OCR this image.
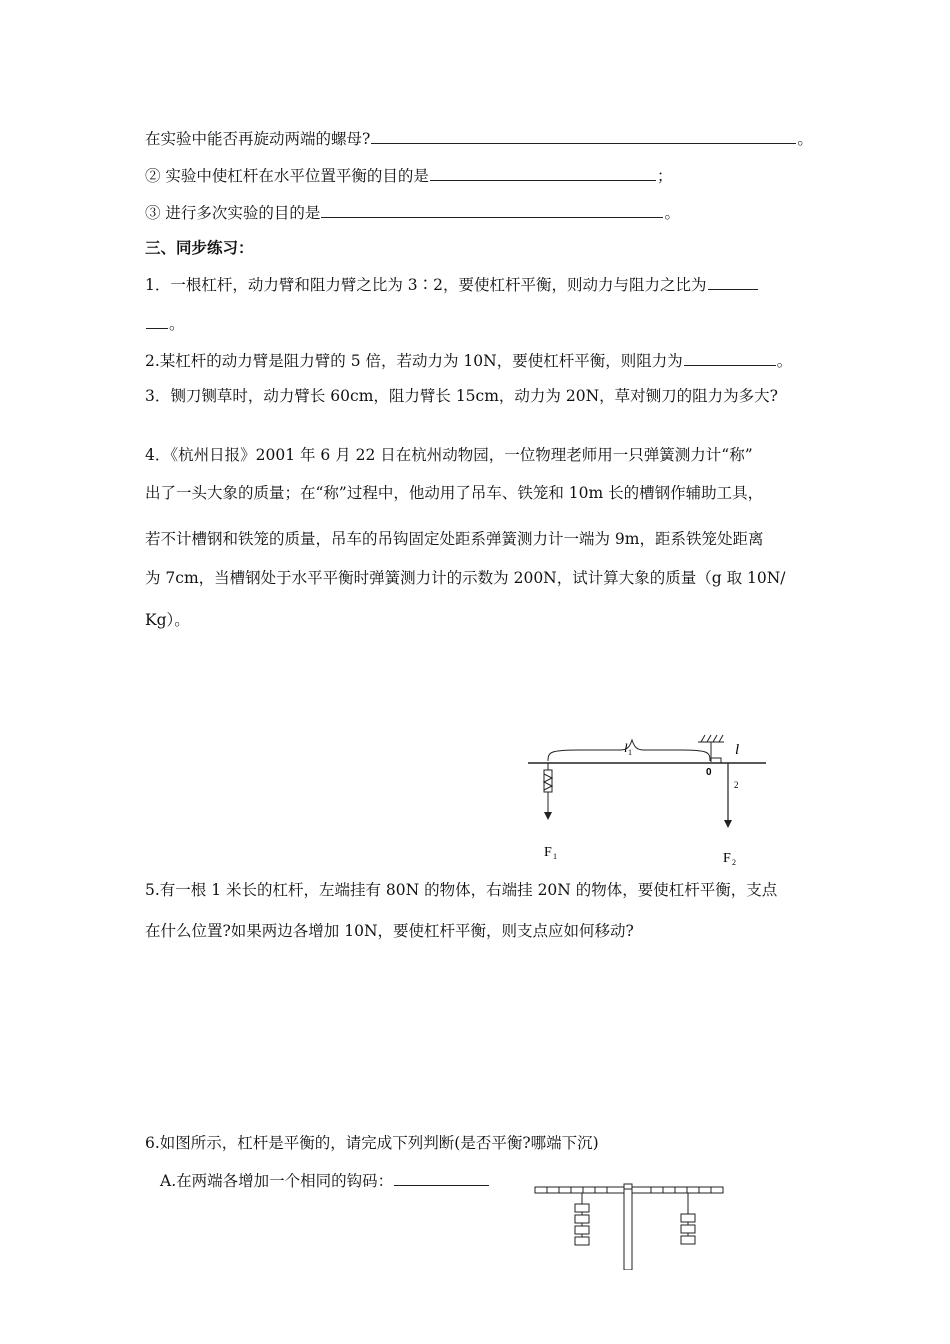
在实验中能否再旋动两端的螺母?	。
② 实验中使杠杆在水平位置平衡的目的是	；
③ 进行多次实验的目的是	。
三、同步练习：
1．一根杠杆，动力臂和阻力臂之比为 3∶2，要使杠杆平衡，则动力与阻力之比为
。
2.某杠杆的动力臂是阻力臂的 5 倍，若动力为 10N，要使杠杆平衡，则阻力为	。
3．铡刀铡草时，动力臂长 60cm，阻力臂长 15cm，动力为 20N，草对铡刀的阻力为多大?
4．《杭州日报》2001 年 6 月 22 日在杭州动物园，一位物理老师用一只弹簧测力计“称”
出了一头大象的质量；在“称”过程中，他动用了吊车、铁笼和 10m 长的槽钢作辅助工具，
若不计槽钢和铁笼的质量，吊车的吊钩固定处距系弹簧测力计一端为 9m，距系铁笼处距离
为 7cm，当槽钢处于水平平衡时弹簧测力计的示数为 200N，试计算大象的质量（g 取 10N/
Kg）。
l 1	l
2
0
F 1	F 2
5.有一根 1 米长的杠杆，左端挂有 80N 的物体，右端挂 20N 的物体，要使杠杆平衡，支点
在什么位置?如果两边各增加 10N，要使杠杆平衡，则支点应如何移动?
6.如图所示，杠杆是平衡的，请完成下列判断(是否平衡?哪端下沉)
A.在两端各增加一个相同的钩码：
